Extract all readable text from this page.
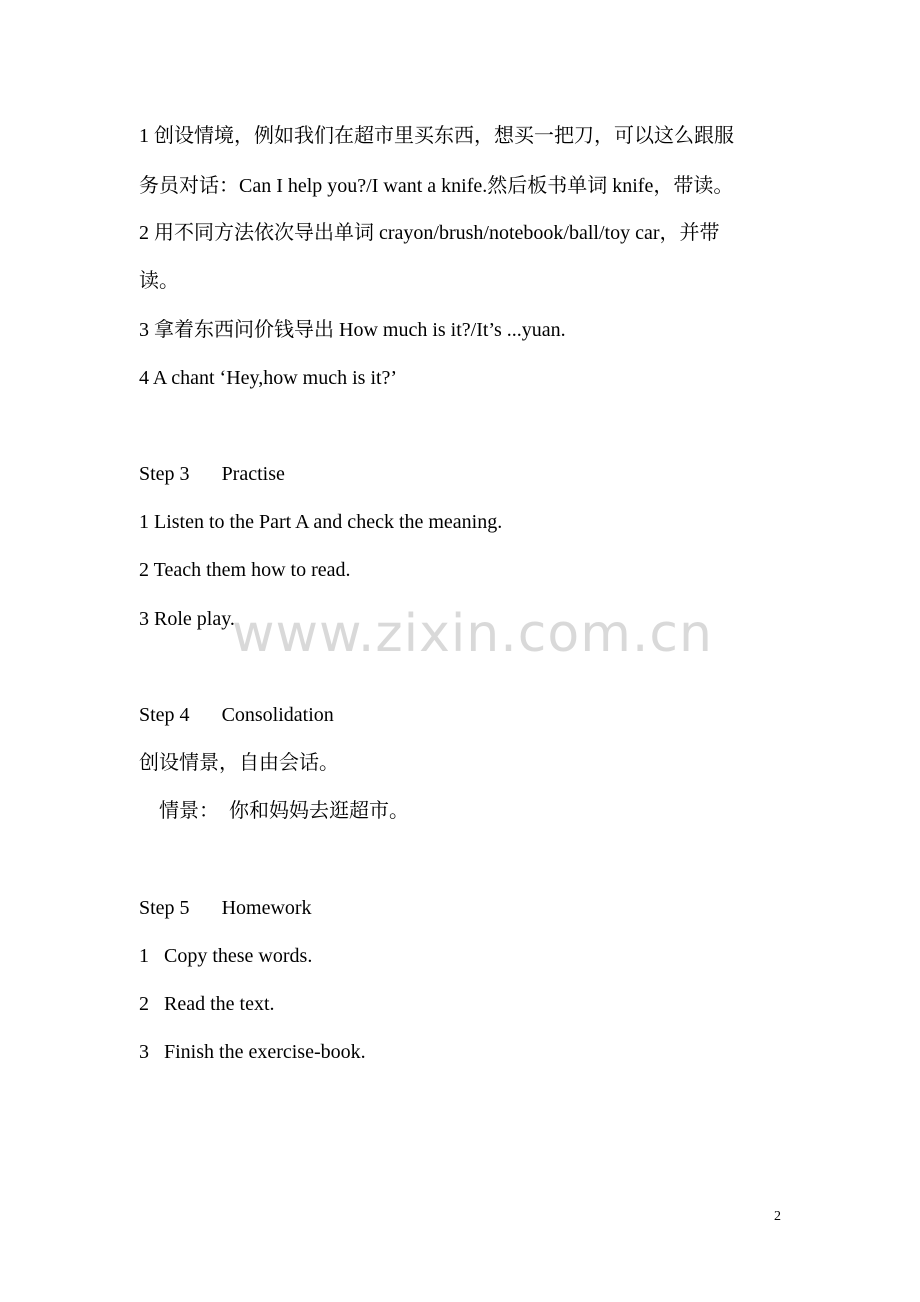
1 创设情境，例如我们在超市里买东西，想买一把刀，可以这么跟服
务员对话：Can I help you?/I want a knife.然后板书单词 knife，带读。
2 用不同方法依次导出单词 crayon/brush/notebook/ball/toy car，并带
读。
3 拿着东西问价钱导出 How much is it?/It’s ...yuan.
4 A chant ‘Hey,how much is it?’
Step 3 Practise
1 Listen to the Part A and check the meaning.
2 Teach them how to read.
3 Role play.
Step 4 Consolidation
创设情景，自由会话。
情景：  你和妈妈去逛超市。
Step 5 Homework
1   Copy these words.
2   Read the text.
3   Finish the exercise-book.
www.zixin.com.cn
2
